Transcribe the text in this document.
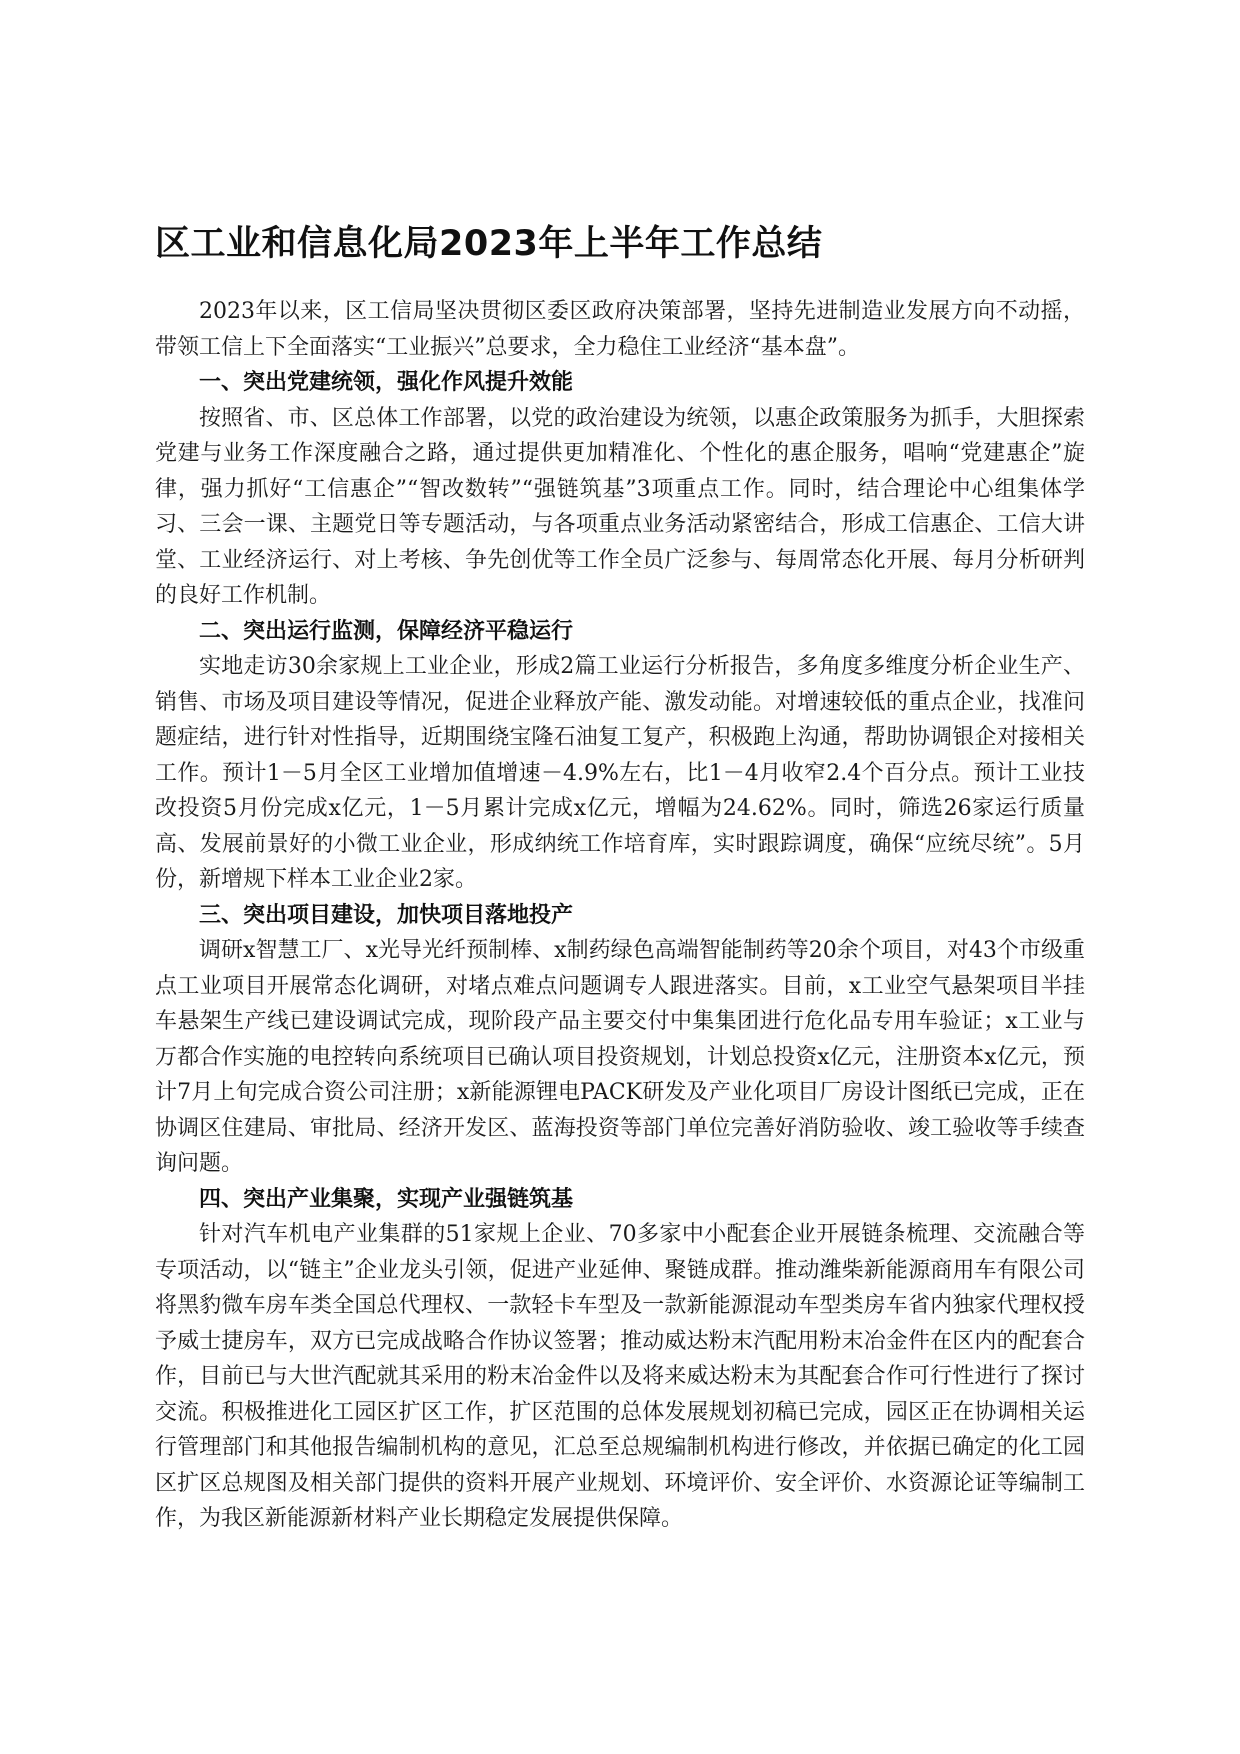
区工业和信息化局2023年上半年工作总结

2023年以来，区工信局坚决贯彻区委区政府决策部署，坚持先进制造业发展方向不动摇，带领工信上下全面落实“工业振兴”总要求，全力稳住工业经济“基本盘”。

一、突出党建统领，强化作风提升效能

按照省、市、区总体工作部署，以党的政治建设为统领，以惠企政策服务为抓手，大胆探索党建与业务工作深度融合之路，通过提供更加精准化、个性化的惠企服务，唱响“党建惠企”旋律，强力抓好“工信惠企”“智改数转”“强链筑基”3项重点工作。同时，结合理论中心组集体学习、三会一课、主题党日等专题活动，与各项重点业务活动紧密结合，形成工信惠企、工信大讲堂、工业经济运行、对上考核、争先创优等工作全员广泛参与、每周常态化开展、每月分析研判的良好工作机制。

二、突出运行监测，保障经济平稳运行

实地走访30余家规上工业企业，形成2篇工业运行分析报告，多角度多维度分析企业生产、销售、市场及项目建设等情况，促进企业释放产能、激发动能。对增速较低的重点企业，找准问题症结，进行针对性指导，近期围绕宝隆石油复工复产，积极跑上沟通，帮助协调银企对接相关工作。预计1－5月全区工业增加值增速－4.9%左右，比1－4月收窄2.4个百分点。预计工业技改投资5月份完成x亿元，1－5月累计完成x亿元，增幅为24.62%。同时，筛选26家运行质量高、发展前景好的小微工业企业，形成纳统工作培育库，实时跟踪调度，确保“应统尽统”。5月份，新增规下样本工业企业2家。

三、突出项目建设，加快项目落地投产

调研x智慧工厂、x光导光纤预制棒、x制药绿色高端智能制药等20余个项目，对43个市级重点工业项目开展常态化调研，对堵点难点问题调专人跟进落实。目前，x工业空气悬架项目半挂车悬架生产线已建设调试完成，现阶段产品主要交付中集集团进行危化品专用车验证；x工业与万都合作实施的电控转向系统项目已确认项目投资规划，计划总投资x亿元，注册资本x亿元，预计7月上旬完成合资公司注册；x新能源锂电PACK研发及产业化项目厂房设计图纸已完成，正在协调区住建局、审批局、经济开发区、蓝海投资等部门单位完善好消防验收、竣工验收等手续查询问题。

四、突出产业集聚，实现产业强链筑基

针对汽车机电产业集群的51家规上企业、70多家中小配套企业开展链条梳理、交流融合等专项活动，以“链主”企业龙头引领，促进产业延伸、聚链成群。推动潍柴新能源商用车有限公司将黑豹微车房车类全国总代理权、一款轻卡车型及一款新能源混动车型类房车省内独家代理权授予威士捷房车，双方已完成战略合作协议签署；推动威达粉末汽配用粉末冶金件在区内的配套合作，目前已与大世汽配就其采用的粉末冶金件以及将来威达粉末为其配套合作可行性进行了探讨交流。积极推进化工园区扩区工作，扩区范围的总体发展规划初稿已完成，园区正在协调相关运行管理部门和其他报告编制机构的意见，汇总至总规编制机构进行修改，并依据已确定的化工园区扩区总规图及相关部门提供的资料开展产业规划、环境评价、安全评价、水资源论证等编制工作，为我区新能源新材料产业长期稳定发展提供保障。
